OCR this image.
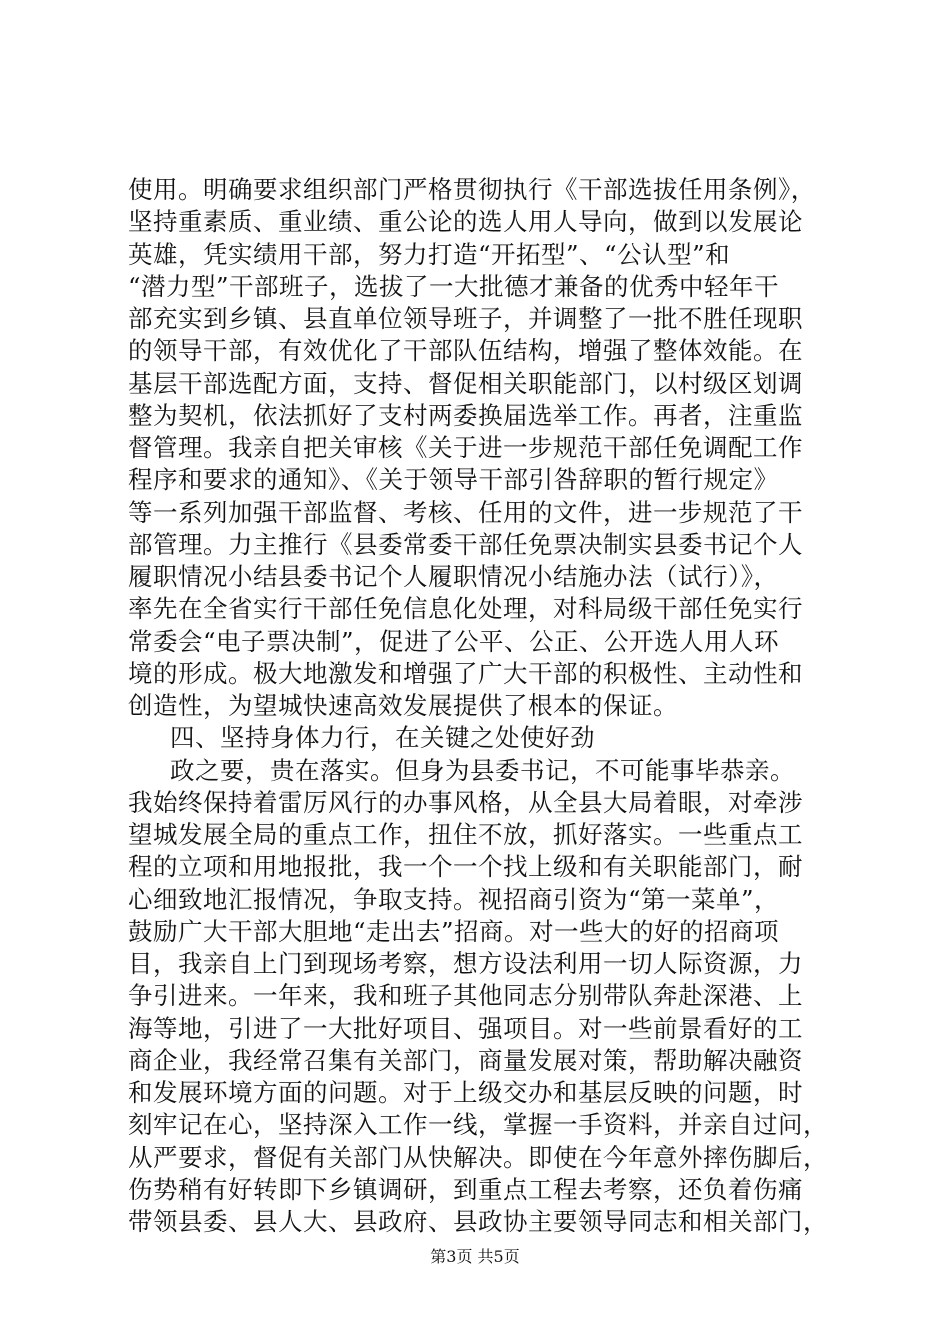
使用。明确要求组织部门严格贯彻执行《干部选拔任用条例》，
坚持重素质、重业绩、重公论的选人用人导向，做到以发展论
英雄，凭实绩用干部，努力打造“开拓型”、“公认型”和
“潜力型”干部班子，选拔了一大批德才兼备的优秀中轻年干
部充实到乡镇、县直单位领导班子，并调整了一批不胜任现职
的领导干部，有效优化了干部队伍结构，增强了整体效能。在
基层干部选配方面，支持、督促相关职能部门，以村级区划调
整为契机，依法抓好了支村两委换届选举工作。再者，注重监
督管理。我亲自把关审核《关于进一步规范干部任免调配工作
程序和要求的通知》、《关于领导干部引咎辞职的暂行规定》
等一系列加强干部监督、考核、任用的文件，进一步规范了干
部管理。力主推行《县委常委干部任免票决制实县委书记个人
履职情况小结县委书记个人履职情况小结施办法（试行）》，
率先在全省实行干部任免信息化处理，对科局级干部任免实行
常委会“电子票决制”，促进了公平、公正、公开选人用人环
境的形成。极大地激发和增强了广大干部的积极性、主动性和
创造性，为望城快速高效发展提供了根本的保证。
四、坚持身体力行，在关键之处使好劲
政之要，贵在落实。但身为县委书记，不可能事毕恭亲。
我始终保持着雷厉风行的办事风格，从全县大局着眼，对牵涉
望城发展全局的重点工作，扭住不放，抓好落实。一些重点工
程的立项和用地报批，我一个一个找上级和有关职能部门，耐
心细致地汇报情况，争取支持。视招商引资为“第一菜单”，
鼓励广大干部大胆地“走出去”招商。对一些大的好的招商项
目，我亲自上门到现场考察，想方设法利用一切人际资源，力
争引进来。一年来，我和班子其他同志分别带队奔赴深港、上
海等地，引进了一大批好项目、强项目。对一些前景看好的工
商企业，我经常召集有关部门，商量发展对策，帮助解决融资
和发展环境方面的问题。对于上级交办和基层反映的问题，时
刻牢记在心，坚持深入工作一线，掌握一手资料，并亲自过问，
从严要求，督促有关部门从快解决。即使在今年意外摔伤脚后，
伤势稍有好转即下乡镇调研，到重点工程去考察，还负着伤痛
带领县委、县人大、县政府、县政协主要领导同志和相关部门，
第3页 共5页
